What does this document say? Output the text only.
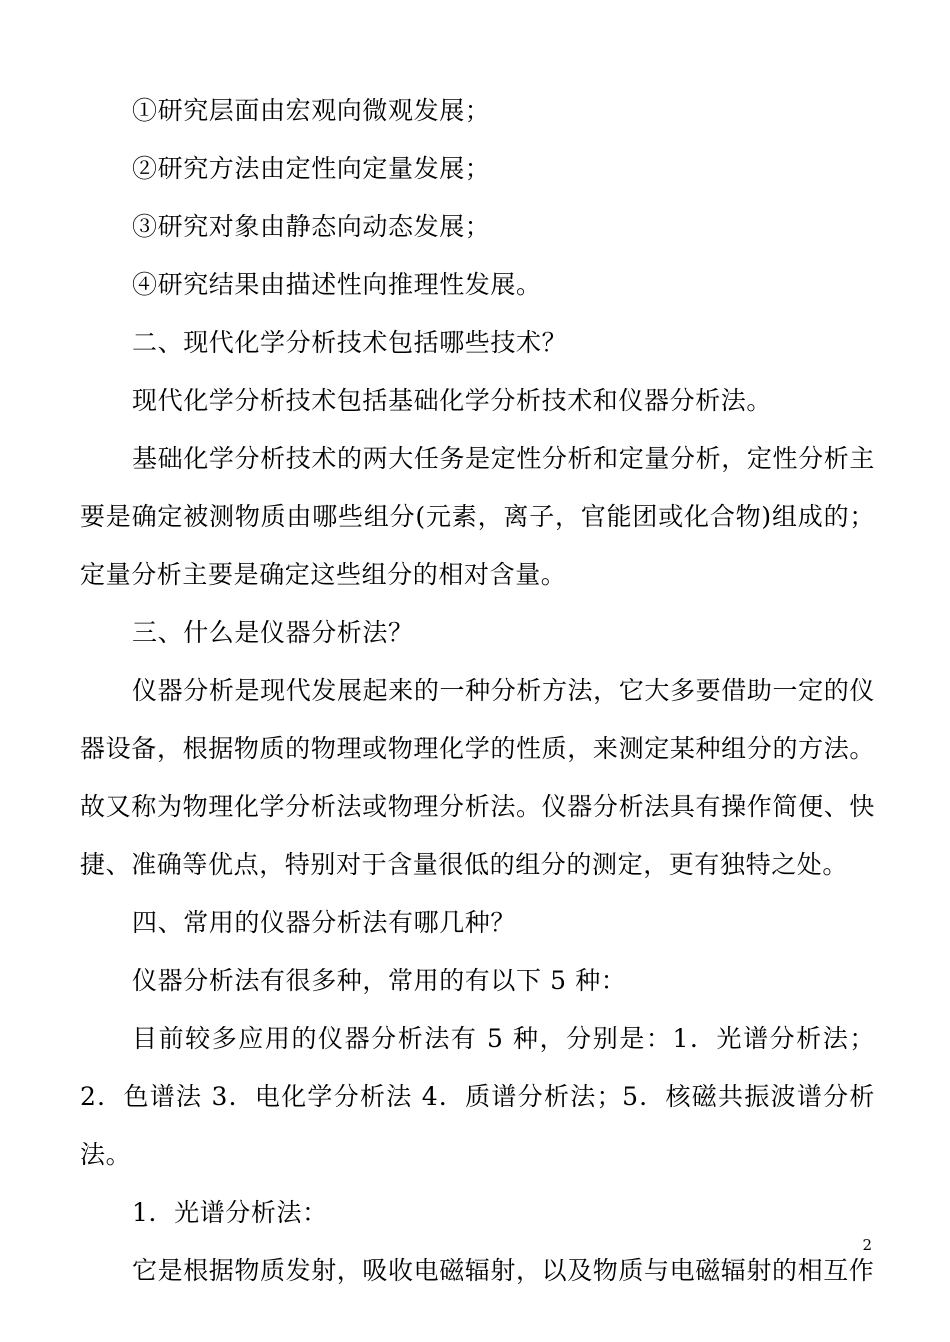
①研究层面由宏观向微观发展；

②研究方法由定性向定量发展；

③研究对象由静态向动态发展；

④研究结果由描述性向推理性发展。

二、现代化学分析技术包括哪些技术？

现代化学分析技术包括基础化学分析技术和仪器分析法。

基础化学分析技术的两大任务是定性分析和定量分析，定性分析主要是确定被测物质由哪些组分(元素，离子，官能团或化合物)组成的；定量分析主要是确定这些组分的相对含量。

三、什么是仪器分析法？

仪器分析是现代发展起来的一种分析方法，它大多要借助一定的仪器设备，根据物质的物理或物理化学的性质，来测定某种组分的方法。故又称为物理化学分析法或物理分析法。仪器分析法具有操作简便、快捷、准确等优点，特别对于含量很低的组分的测定，更有独特之处。

四、常用的仪器分析法有哪几种？

仪器分析法有很多种，常用的有以下 5 种：

目前较多应用的仪器分析法有 5 种，分别是：1．光谱分析法；2．色谱法 3．电化学分析法 4．质谱分析法；5．核磁共振波谱分析法。

1．光谱分析法：

它是根据物质发射，吸收电磁辐射，以及物质与电磁辐射的相互作

2
